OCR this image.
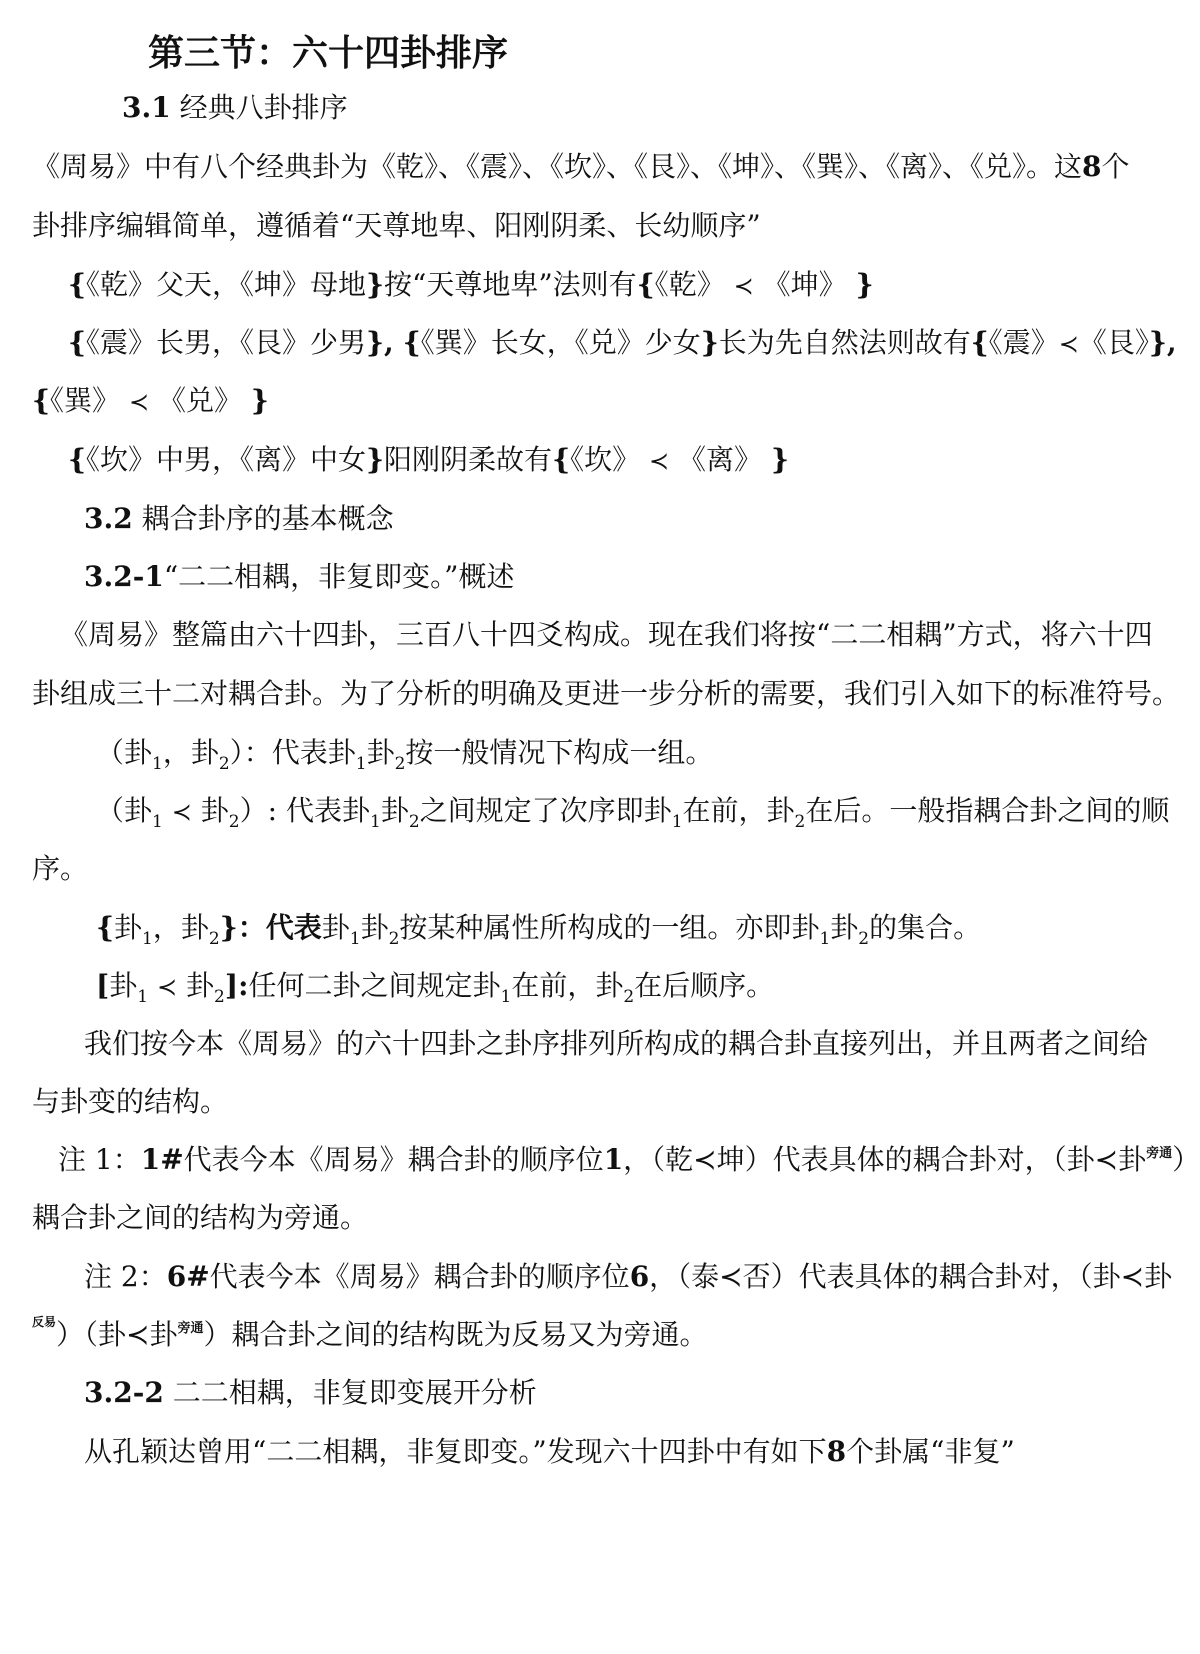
第三节：六十四卦排序
3.1 经典八卦排序
《周易》中有八个经典卦为《乾》、《震》、《坎》、《艮》、《坤》、《巽》、《离》、《兑》。这8个
卦排序编辑简单，遵循着“天尊地卑、阳刚阴柔、长幼顺序”
{《乾》父天，《坤》母地}按“天尊地卑”法则有{《乾》 ≺ 《坤》 }
{《震》长男，《艮》少男}, {《巽》长女，《兑》少女}长为先自然法则故有{《震》≺《艮》},
{《巽》 ≺ 《兑》 }
{《坎》中男，《离》中女}阳刚阴柔故有{《坎》 ≺ 《离》 }
3.2 耦合卦序的基本概念
3.2-1“二二相耦，非复即变。”概述
《周易》整篇由六十四卦，三百八十四爻构成。现在我们将按“二二相耦”方式，将六十四
卦组成三十二对耦合卦。为了分析的明确及更进一步分析的需要，我们引入如下的标准符号。
（卦$_1$，卦$_2$）：代表卦$_1$卦$_2$按一般情况下构成一组。
（卦$_1$ ≺ 卦$_2$）: 代表卦$_1$卦$_2$之间规定了次序即卦$_1$在前，卦$_2$在后。一般指耦合卦之间的顺
序。
{卦$_1$，卦$_2$}：代表卦$_1$卦$_2$按某种属性所构成的一组。亦即卦$_1$卦$_2$的集合。
[卦$_1$ ≺ 卦$_2$]:任何二卦之间规定卦$_1$在前，卦$_2$在后顺序。
我们按今本《周易》的六十四卦之卦序排列所构成的耦合卦直接列出，并且两者之间给
与卦变的结构。
注 1：1#代表今本《周易》耦合卦的顺序位1，（乾≺坤）代表具体的耦合卦对，（卦≺卦$^{旁通}$）
耦合卦之间的结构为旁通。
注 2：6#代表今本《周易》耦合卦的顺序位6，（泰≺否）代表具体的耦合卦对，（卦≺卦
$^{反易}$）（卦≺卦$^{旁通}$）耦合卦之间的结构既为反易又为旁通。
3.2-2 二二相耦，非复即变展开分析
从孔颖达曾用“二二相耦，非复即变。”发现六十四卦中有如下8个卦属“非复”
